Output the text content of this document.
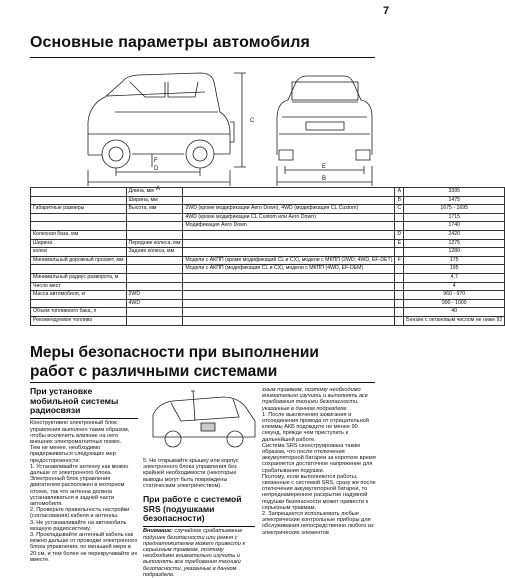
7
Основные параметры автомобиля
D
A
F
C
E
B
	Длина, мм		A	3395
	Ширина, мм		B	1475
Габаритные размеры	Высота, мм	2WD (кроме модификации Aero Down), 4WD (модификация CL Custom)	C	1675 - 1695
		4WD (кроме модификации CL Custom или Aero Down)		1715
		Модификация Aero Down		1740
Колесная база, мм			D	2420
Ширина	Передние колеса, мм		E	1275
колеи	Задние колеса, мм			1280
Минимальный дорожный просвет, мм		Модели с АКПП (кроме модификаций CL и CX), модели с МКПП (2WD; 4WD, EF-DET)	F	175
		Модели с АКПП (модификации CL и CX), модели с МКПП (4WD, EF-DEM)		195
Минимальный радиус разворота, м				4,7
Число мест				4
Масса автомобиля, кг	2WD			960 - 970
	4WD			990 - 1000
Объем топливного бака, л				40
Рекомендуемое топливо				Бензин с октановым числом не ниже 92
Меры безопасности при выполнении
работ с различными системами
При установке мобильной системы радиосвязи
Конструктивно электронный блок управления выполнен таким образом, чтобы исключить влияние на него внешних электромагнитных помех.
Тем не менее, необходимо придерживаться следующих мер предосторожности:
1. Устанавливайте антенну как можно дальше от электронного блока. Электронный блок управления двигателем расположен в моторном отсеке, так что антенна должна устанавливаться в задней части автомобиля.
2. Проверьте правильность настройки (согласования) кабеля и антенны.
3. Не устанавливайте на автомобиль мощную радиосистему.
3. Прокладывайте антенный кабель как можно дальше от проводки электронного блока управления, по меньшей мере в 20 см, и тем более не перекручивайте их вместе.
5. Не открывайте крышку или корпус электронного блока управления без крайней необходимости (некоторые выводы могут быть повреждены статическим электричеством).
При работе с системой SRS (подушками безопасности)
Внимание: случайное срабатывание подушек безопасности или ремня с преднатяжителем может привести к серьезным травмам, поэтому необходимо внимательно изучить и выполнять все требования техники безопасности, указанные в данном подразделе.
зным травмам, поэтому необходимо внимательно изучить и выполнять все требования техники безопасности, указанные в данном подразделе.
1. После выключения зажигания и отсоединения провода от отрицательной клеммы АКБ подождите не менее 90 секунд, прежде чем приступить к дальнейшей работе.
Система SRS сконструирована таким образом, что после отключения аккумуляторной батареи за короткое время сохраняется достаточное напряжение для срабатывания подушки.
Поэтому, если выполняются работы, связанные с системой SRS, сразу же после отключения аккумуляторной батареи, то непреднамеренное раскрытие надувной подушки безопасности может привести к серьезным травмам.
2. Запрещается использовать любые электрические контрольные приборы для обслуживания непосредственно любого из электрических элементов
